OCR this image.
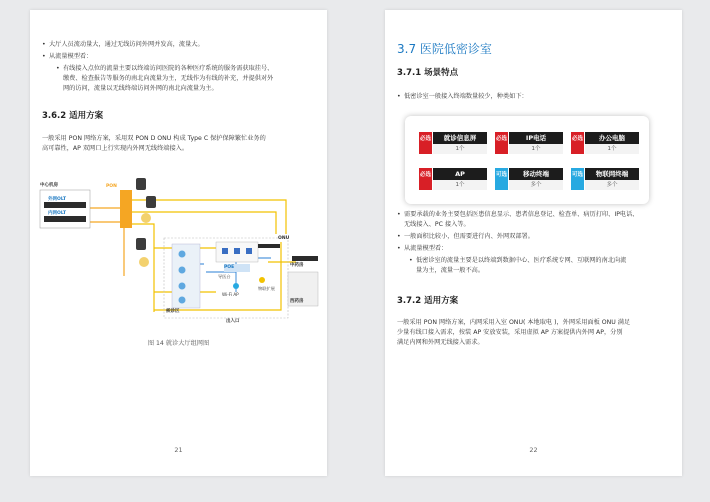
• 大厅人员流动量大，通过无线访问外网并发高，流量大。
• 从流量模型看：
• 有线接入点位的流量主要以终端访问医院的各种医疗系统的服务需获取挂号、
缴费、检查报告等服务的南北向流量为主，无线作为有线的补充，并提供对外
网的访问，流量以无线终端访问外网的南北向流量为主。
3.6.2 适用方案
一般采用 PON 网络方案，采用双 PON D ONU 构成 Type C 保护保障繁忙业务的
高可靠性，AP 双网口上行实现内外网无线终端接入。
中心机房
外网OLT
内网OLT
PON
ONU
POE
Wi-Fi AP
导医台
候诊区
出入口
中药房
西药房
物联扩展
图 14 就诊大厅组网图
21
3.7 医院低密诊室
3.7.1 场景特点
• 低密诊室一般接入终端数量较少，种类如下：
必选	就诊信息屏
1个
必选	IP电话
1个
必选	办公电脑
1个
必选	AP
1个
可选	移动终端
多个
可选	物联网终端
多个
• 需要承载的业务主要包括医患信息显示、患者信息登记、检查单、病历打印、IP电话、
无线接入、PC 接入等。
• 一般面积比较小，但需要进行内、外网双部署。
• 从流量模型看：
• 低密诊室的流量主要是以终端到数据中心、医疗系统专网、互联网的南北向流
量为主，流量一般不高。
3.7.2 适用方案
一般采用 PON 网络方案，内网采用入室 ONU( 本地取电 )，外网采用面板 ONU 满足
少量有线口接入需求，按装 AP 安放安装，采用虚拟 AP 方案提供内外网 AP，分别
满足内网和外网无线接入需求。
22
